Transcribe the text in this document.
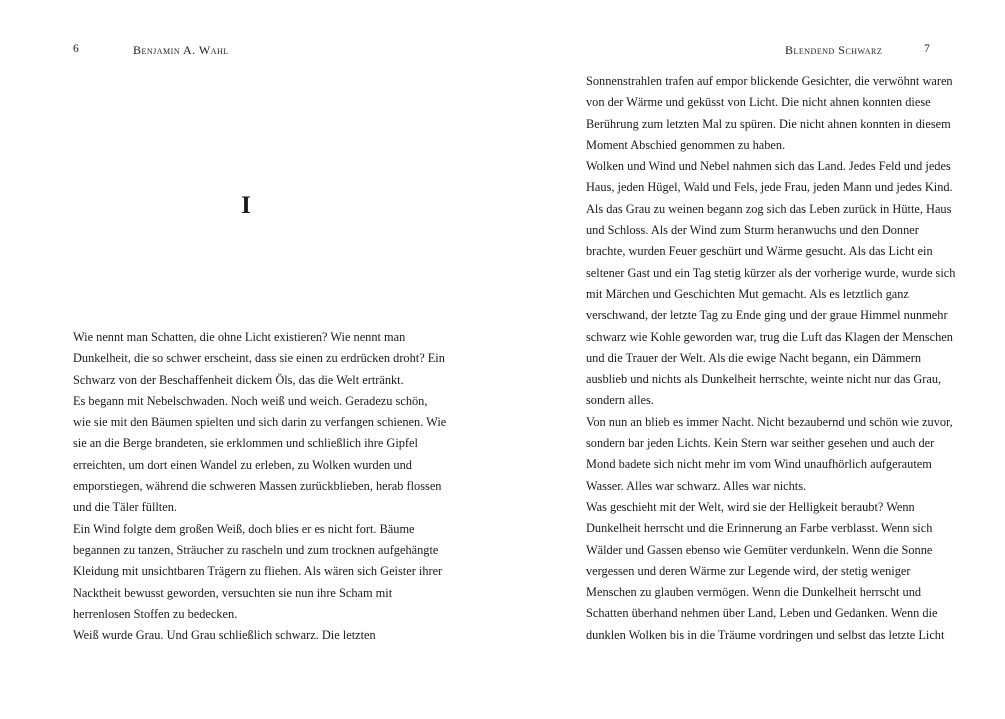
6	Benjamin A. Wahl
I
Wie nennt man Schatten, die ohne Licht existieren? Wie nennt man
Dunkelheit, die so schwer erscheint, dass sie einen zu erdrücken droht? Ein
Schwarz von der Beschaffenheit dickem Öls, das die Welt ertränkt.
Es begann mit Nebelschwaden. Noch weiß und weich. Geradezu schön,
wie sie mit den Bäumen spielten und sich darin zu verfangen schienen. Wie
sie an die Berge brandeten, sie erklommen und schließlich ihre Gipfel
erreichten, um dort einen Wandel zu erleben, zu Wolken wurden und
emporstiegen, während die schweren Massen zurückblieben, herab flossen
und die Täler füllten.
Ein Wind folgte dem großen Weiß, doch blies er es nicht fort. Bäume
begannen zu tanzen, Sträucher zu rascheln und zum trocknen aufgehängte
Kleidung mit unsichtbaren Trägern zu fliehen. Als wären sich Geister ihrer
Nacktheit bewusst geworden, versuchten sie nun ihre Scham mit
herrenlosen Stoffen zu bedecken.
Weiß wurde Grau. Und Grau schließlich schwarz. Die letzten
Blendend Schwarz	7
Sonnenstrahlen trafen auf empor blickende Gesichter, die verwöhnt waren
von der Wärme und geküsst von Licht. Die nicht ahnen konnten diese
Berührung zum letzten Mal zu spüren. Die nicht ahnen konnten in diesem
Moment Abschied genommen zu haben.
Wolken und Wind und Nebel nahmen sich das Land. Jedes Feld und jedes
Haus, jeden Hügel, Wald und Fels, jede Frau, jeden Mann und jedes Kind.
Als das Grau zu weinen begann zog sich das Leben zurück in Hütte, Haus
und Schloss. Als der Wind zum Sturm heranwuchs und den Donner
brachte, wurden Feuer geschürt und Wärme gesucht. Als das Licht ein
seltener Gast und ein Tag stetig kürzer als der vorherige wurde, wurde sich
mit Märchen und Geschichten Mut gemacht. Als es letztlich ganz
verschwand, der letzte Tag zu Ende ging und der graue Himmel nunmehr
schwarz wie Kohle geworden war, trug die Luft das Klagen der Menschen
und die Trauer der Welt. Als die ewige Nacht begann, ein Dämmern
ausblieb und nichts als Dunkelheit herrschte, weinte nicht nur das Grau,
sondern alles.
Von nun an blieb es immer Nacht. Nicht bezaubernd und schön wie zuvor,
sondern bar jeden Lichts. Kein Stern war seither gesehen und auch der
Mond badete sich nicht mehr im vom Wind unaufhörlich aufgerautem
Wasser. Alles war schwarz. Alles war nichts.
Was geschieht mit der Welt, wird sie der Helligkeit beraubt? Wenn
Dunkelheit herrscht und die Erinnerung an Farbe verblasst. Wenn sich
Wälder und Gassen ebenso wie Gemüter verdunkeln. Wenn die Sonne
vergessen und deren Wärme zur Legende wird, der stetig weniger
Menschen zu glauben vermögen. Wenn die Dunkelheit herrscht und
Schatten überhand nehmen über Land, Leben und Gedanken. Wenn die
dunklen Wolken bis in die Träume vordringen und selbst das letzte Licht
